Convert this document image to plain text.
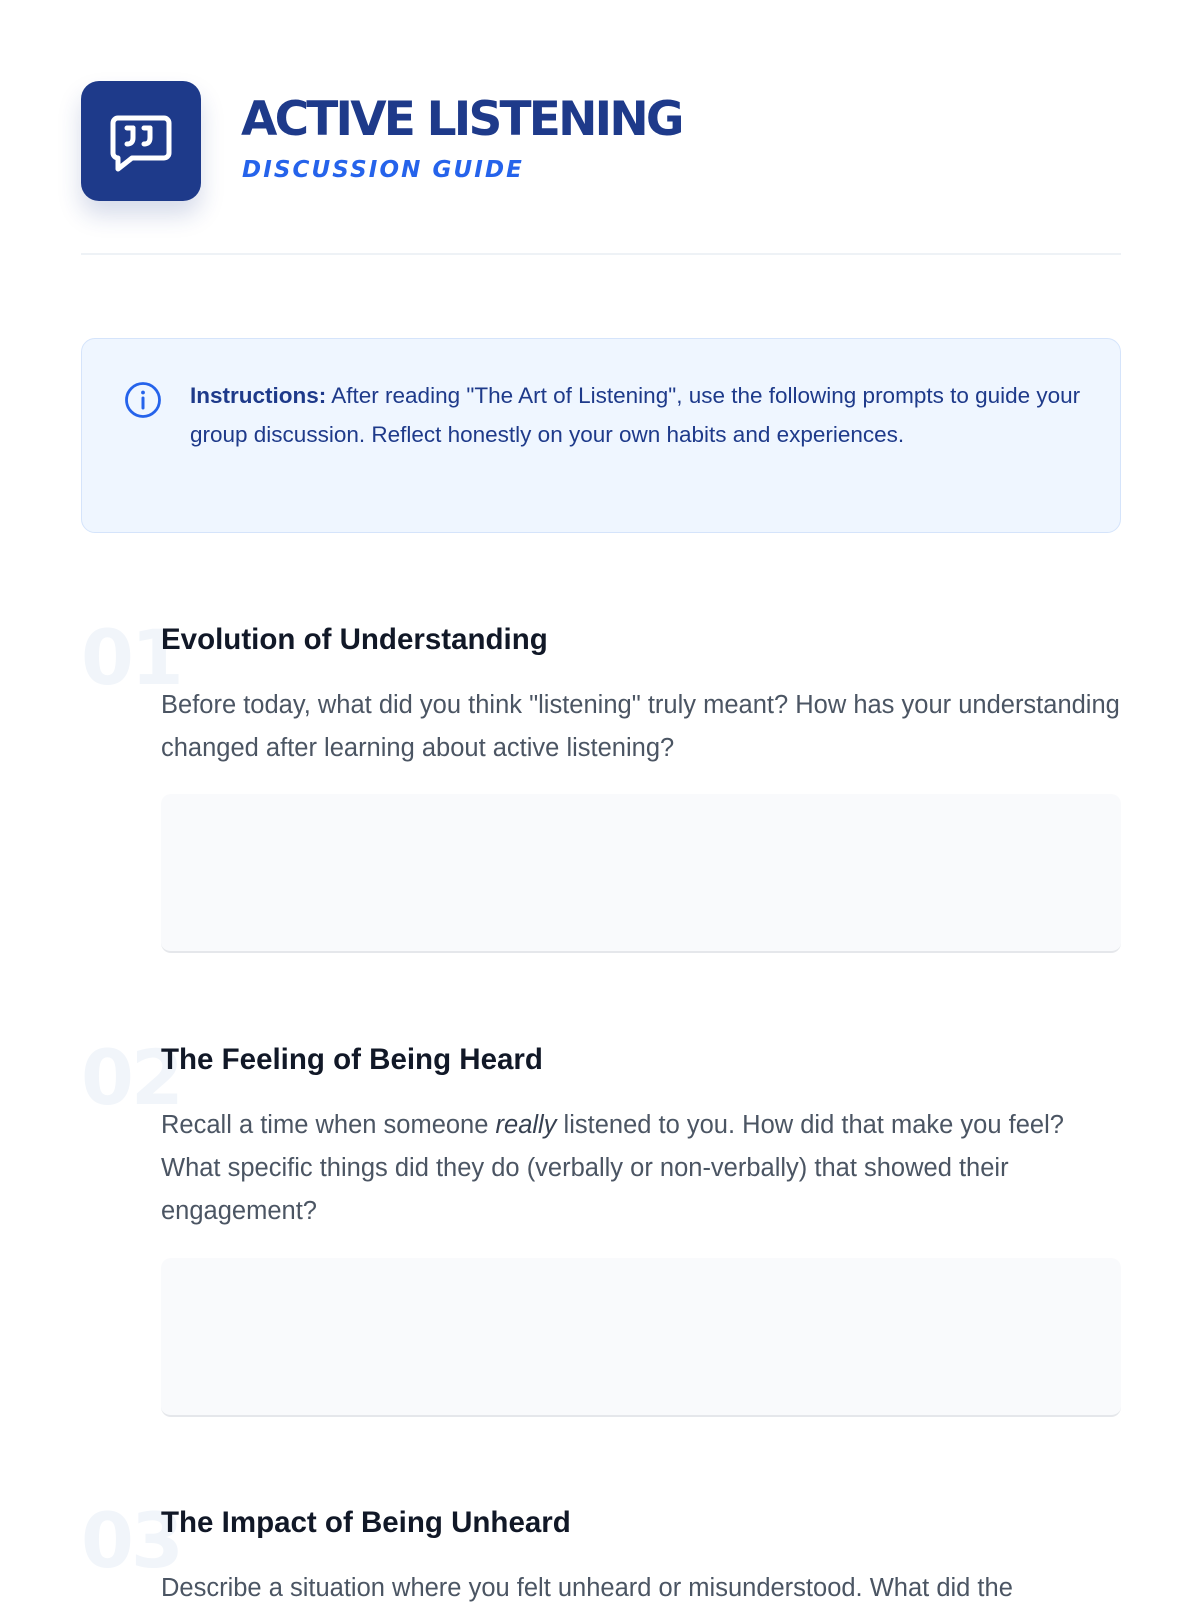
ACTIVE LISTENING
DISCUSSION GUIDE

Instructions: After reading "The Art of Listening", use the following prompts to guide your group discussion. Reflect honestly on your own habits and experiences.

01
Evolution of Understanding

Before today, what did you think "listening" truly meant? How has your understanding changed after learning about active listening?

02
The Feeling of Being Heard

Recall a time when someone really listened to you. How did that make you feel? What specific things did they do (verbally or non-verbally) that showed their engagement?

03
The Impact of Being Unheard

Describe a situation where you felt unheard or misunderstood. What did the
